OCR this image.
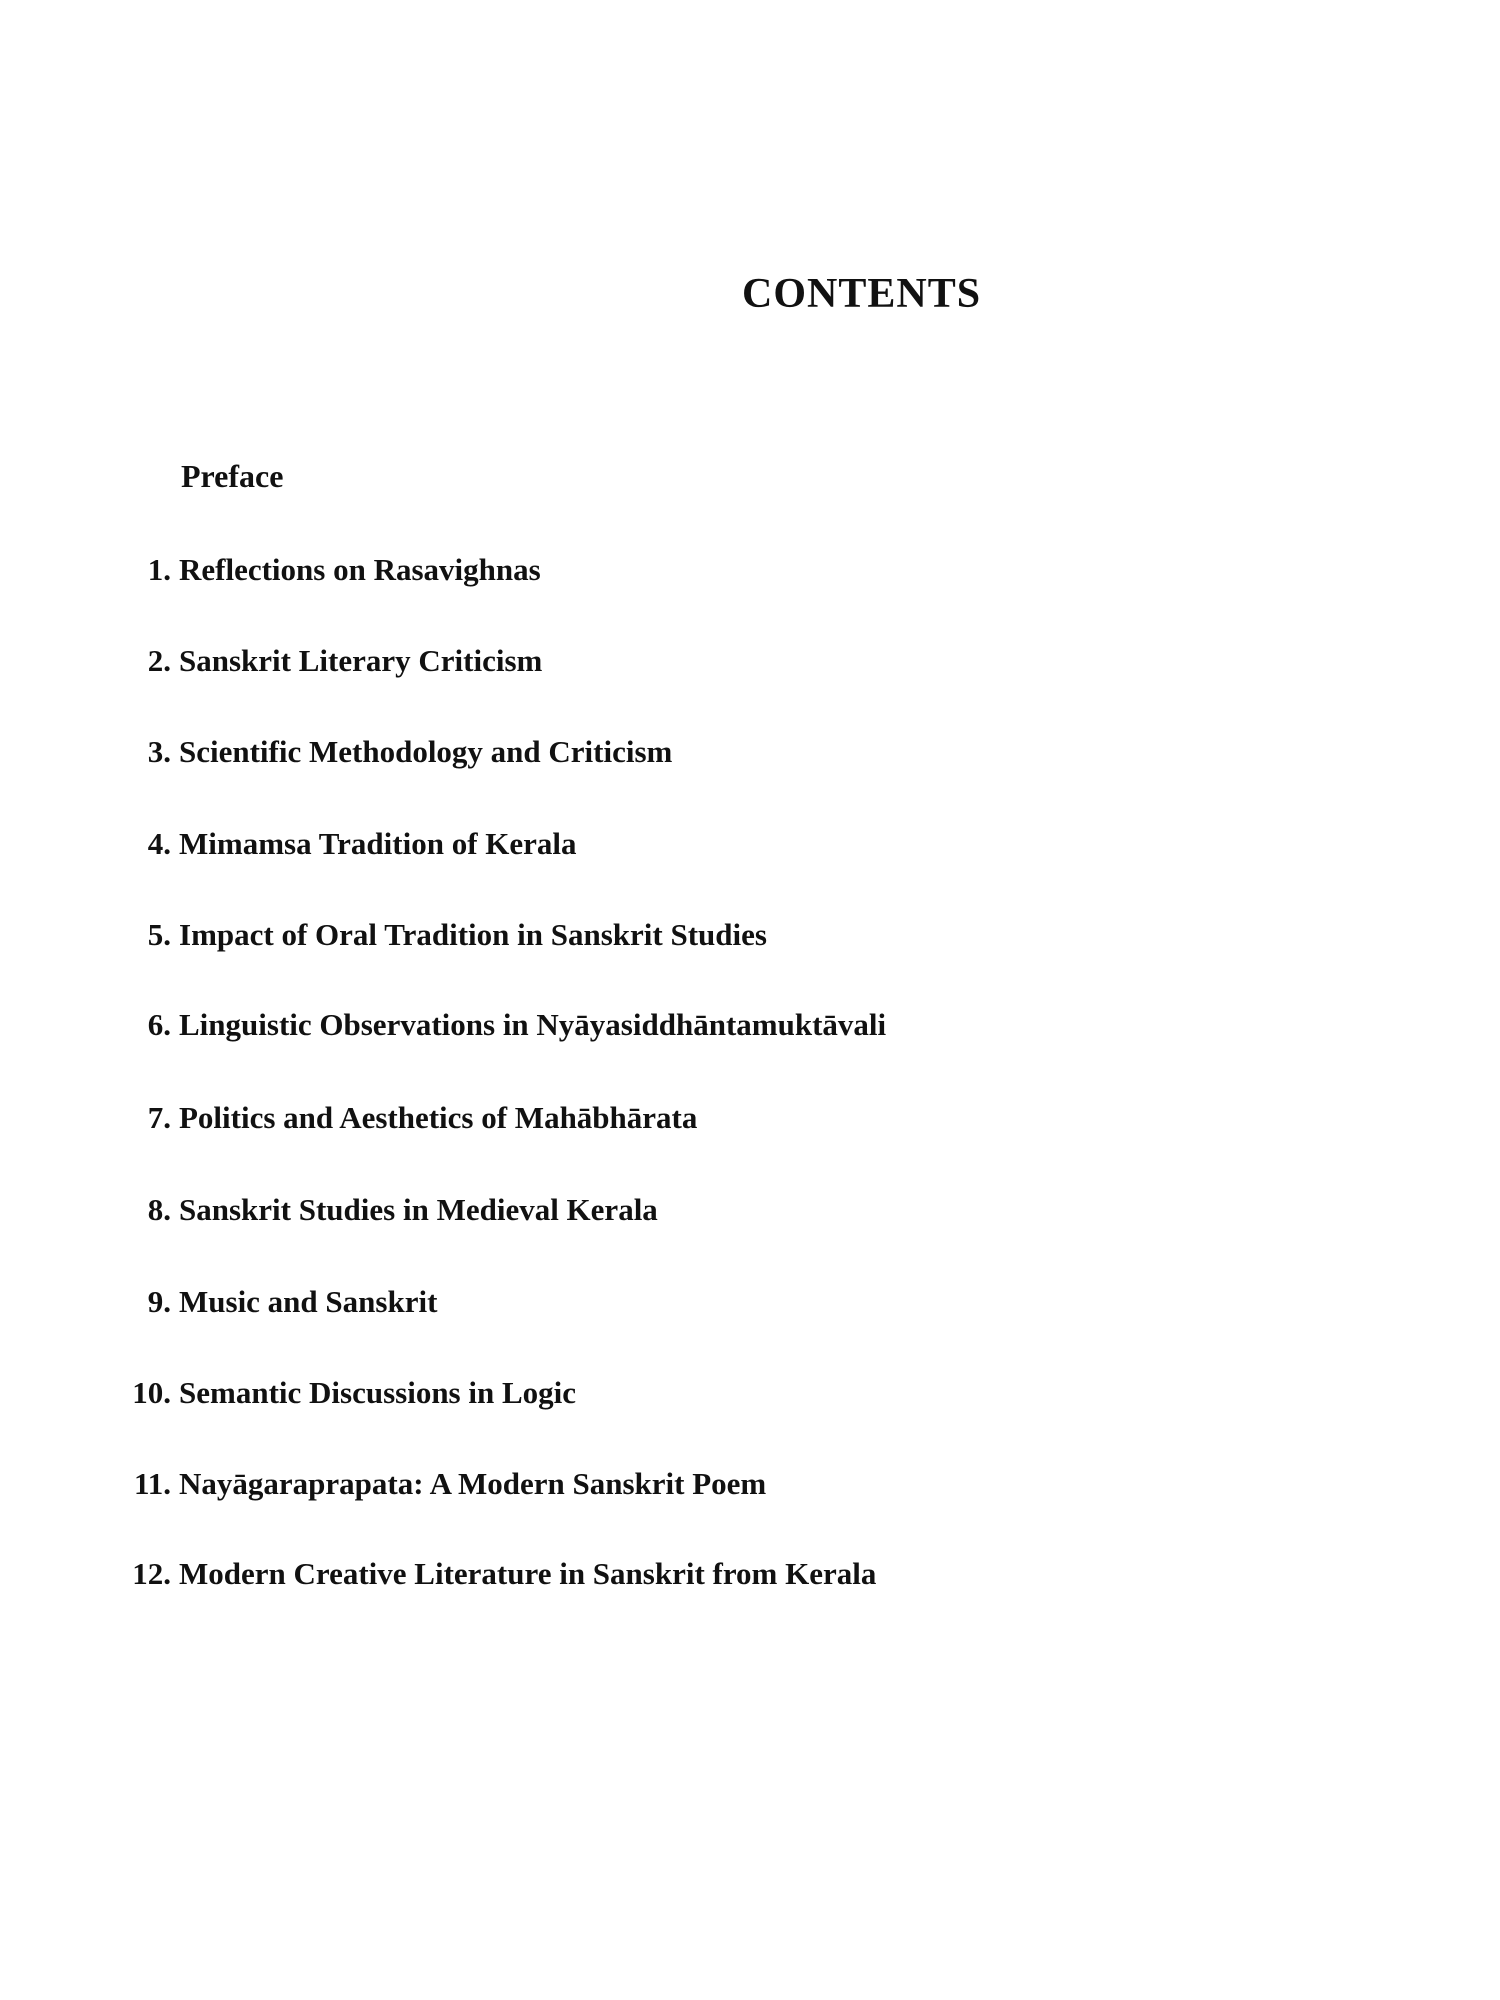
CONTENTS
Preface
1. Reflections on Rasavighnas
2. Sanskrit Literary Criticism
3. Scientific Methodology and Criticism
4. Mimamsa Tradition of Kerala
5. Impact of Oral Tradition in Sanskrit Studies
6. Linguistic Observations in Nyāyasiddhāntamuktāvali
7. Politics and Aesthetics of Mahābhārata
8. Sanskrit Studies in Medieval Kerala
9. Music and Sanskrit
10. Semantic Discussions in Logic
11. Nayāgaraprapata: A Modern Sanskrit Poem
12. Modern Creative Literature in Sanskrit from Kerala
